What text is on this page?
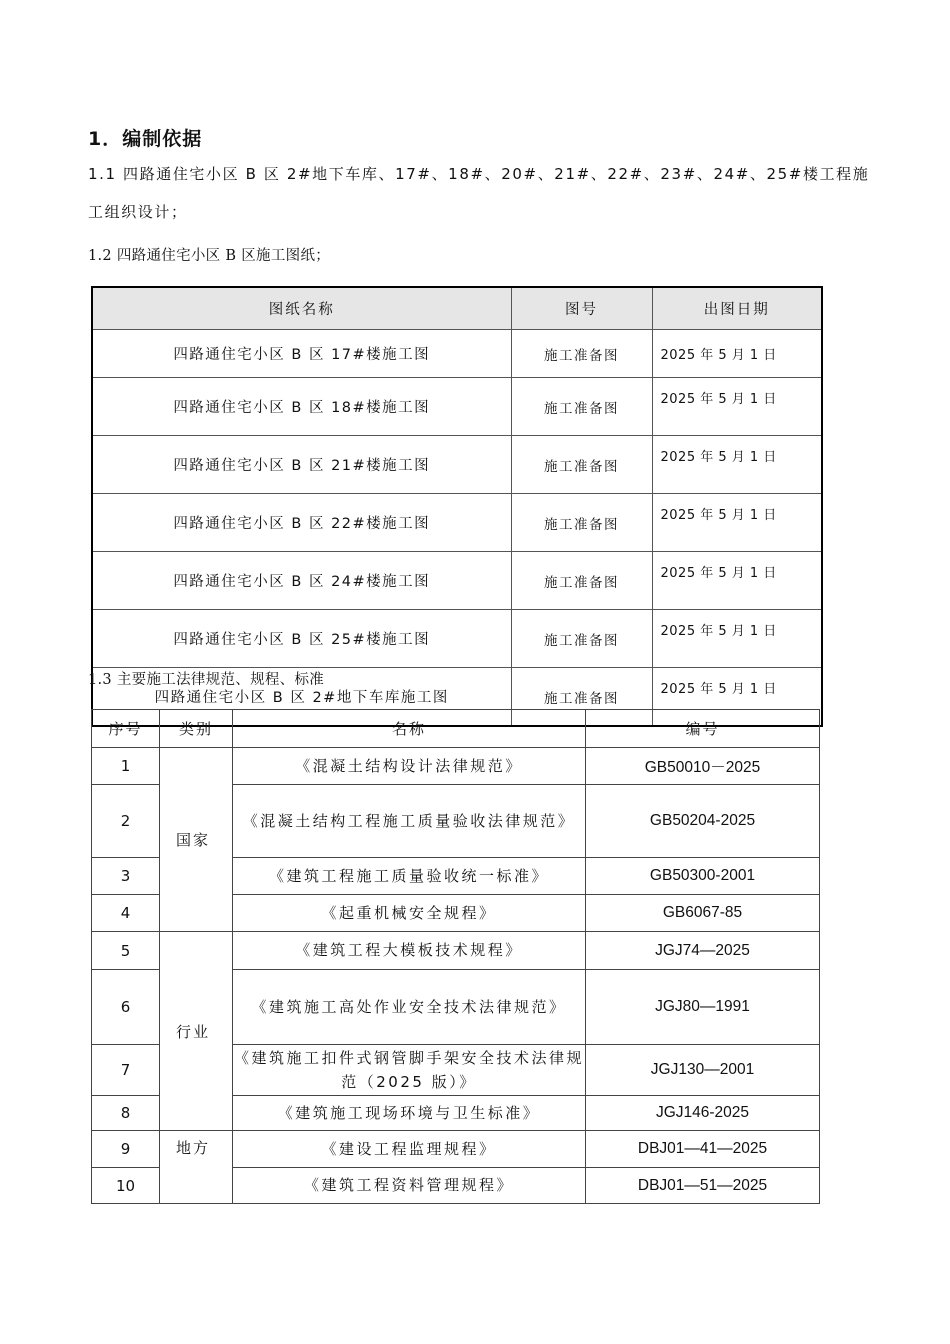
1．编制依据
1.1 四路通住宅小区 B 区 2#地下车库、17#、18#、20#、21#、22#、23#、24#、25#楼工程施
工组织设计；
1.2 四路通住宅小区 B 区施工图纸；
图纸名称	图号	出图日期
四路通住宅小区 B 区 17#楼施工图	施工准备图	2025 年 5 月 1 日
四路通住宅小区 B 区 18#楼施工图	施工准备图	2025 年 5 月 1 日
四路通住宅小区 B 区 21#楼施工图	施工准备图	2025 年 5 月 1 日
四路通住宅小区 B 区 22#楼施工图	施工准备图	2025 年 5 月 1 日
四路通住宅小区 B 区 24#楼施工图	施工准备图	2025 年 5 月 1 日
四路通住宅小区 B 区 25#楼施工图	施工准备图	2025 年 5 月 1 日
四路通住宅小区 B 区 2#地下车库施工图	施工准备图	2025 年 5 月 1 日
1.3 主要施工法律规范、规程、标准
序号	类别	名称	编号
1	国家	《混凝土结构设计法律规范》	GB50010－2025
2		《混凝土结构工程施工质量验收法律规范》	GB50204-2025
3		《建筑工程施工质量验收统一标准》	GB50300-2001
4		《起重机械安全规程》	GB6067-85
5	行业	《建筑工程大模板技术规程》	JGJ74—2025
6		《建筑施工高处作业安全技术法律规范》	JGJ80—1991
7		《建筑施工扣件式钢管脚手架安全技术法律规范（2025 版）》	JGJ130—2001
8		《建筑施工现场环境与卫生标准》	JGJ146-2025
9	地方	《建设工程监理规程》	DBJ01—41—2025
10		《建筑工程资料管理规程》	DBJ01—51—2025
